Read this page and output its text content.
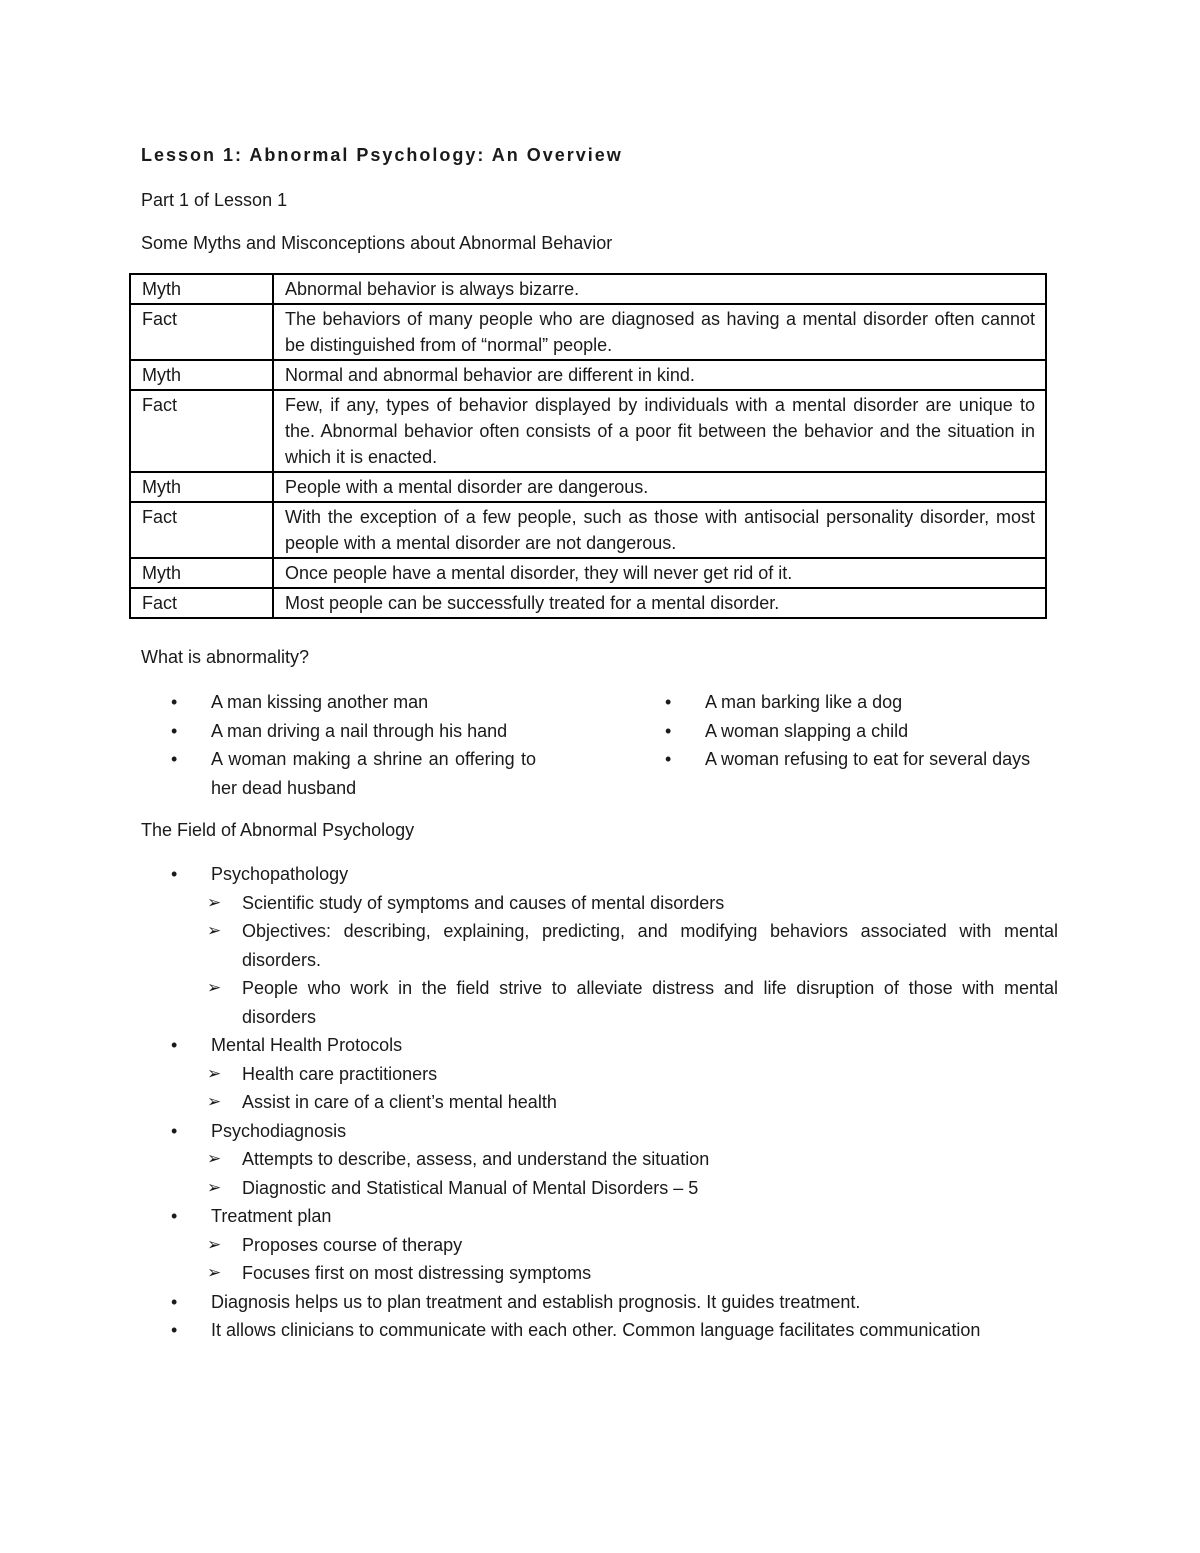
Lesson 1: Abnormal Psychology: An Overview
Part 1 of Lesson 1
Some Myths and Misconceptions about Abnormal Behavior
Myth	Abnormal behavior is always bizarre.
Fact	The behaviors of many people who are diagnosed as having a mental disorder often cannot be distinguished from of “normal” people.
Myth	Normal and abnormal behavior are different in kind.
Fact	Few, if any, types of behavior displayed by individuals with a mental disorder are unique to the. Abnormal behavior often consists of a poor fit between the behavior and the situation in which it is enacted.
Myth	People with a mental disorder are dangerous.
Fact	With the exception of a few people, such as those with antisocial personality disorder, most people with a mental disorder are not dangerous.
Myth	Once people have a mental disorder, they will never get rid of it.
Fact	Most people can be successfully treated for a mental disorder.
What is abnormality?
•	A man kissing another man
•	A man driving a nail through his hand
•	A woman making a shrine an offering to her dead husband
•	A man barking like a dog
•	A woman slapping a child
•	A woman refusing to eat for several days
The Field of Abnormal Psychology
•	Psychopathology
➢ Scientific study of symptoms and causes of mental disorders
➢ Objectives: describing, explaining, predicting, and modifying behaviors associated with mental disorders.
➢ People who work in the field strive to alleviate distress and life disruption of those with mental disorders
•	Mental Health Protocols
➢ Health care practitioners
➢ Assist in care of a client’s mental health
•	Psychodiagnosis
➢ Attempts to describe, assess, and understand the situation
➢ Diagnostic and Statistical Manual of Mental Disorders – 5
•	Treatment plan
➢ Proposes course of therapy
➢ Focuses first on most distressing symptoms
•	Diagnosis helps us to plan treatment and establish prognosis. It guides treatment.
•	It allows clinicians to communicate with each other. Common language facilitates communication
